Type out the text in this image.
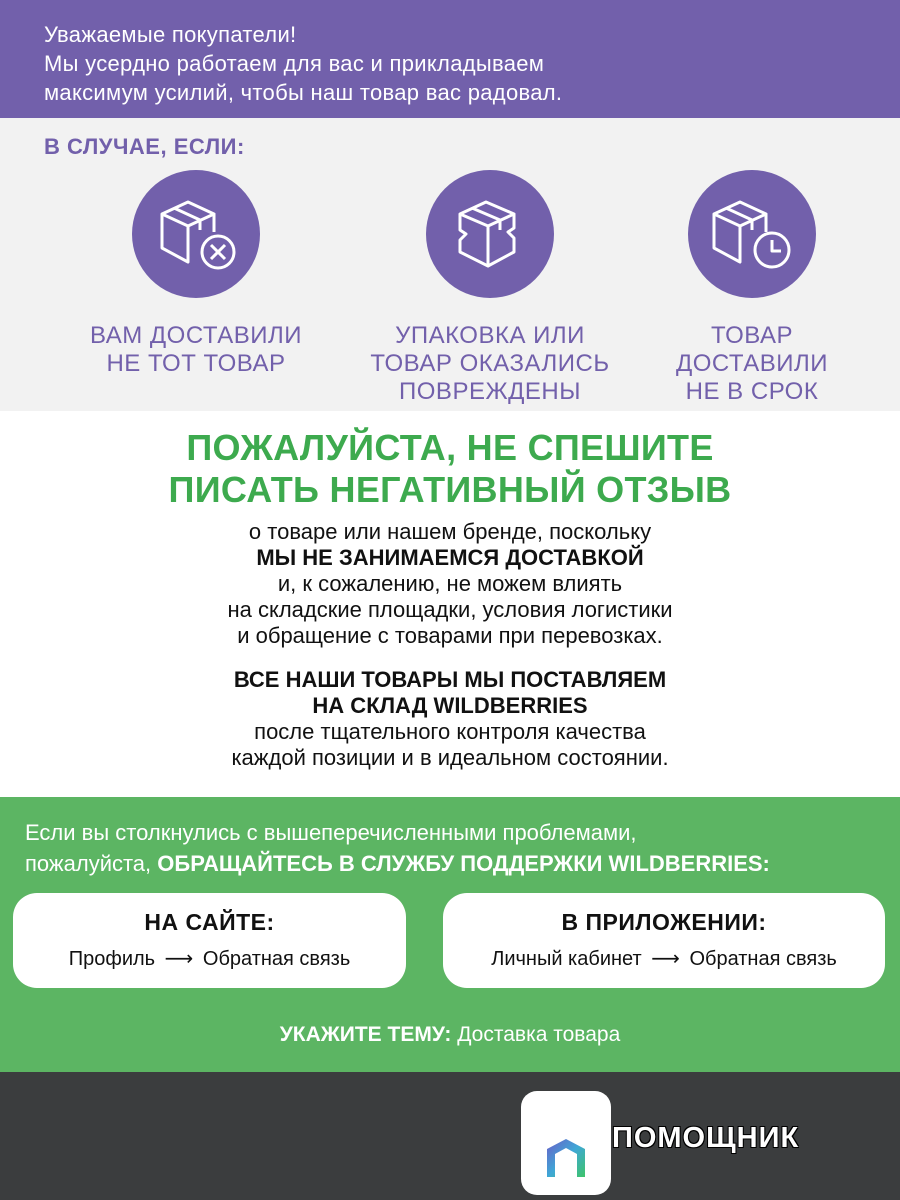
Уважаемые покупатели!
Мы усердно работаем для вас и прикладываем
максимум усилий, чтобы наш товар вас радовал.
В СЛУЧАЕ, ЕСЛИ:
ВАМ ДОСТАВИЛИ
НЕ ТОТ ТОВАР
УПАКОВКА ИЛИ
ТОВАР ОКАЗАЛИСЬ
ПОВРЕЖДЕНЫ
ТОВАР
ДОСТАВИЛИ
НЕ В СРОК
ПОЖАЛУЙСТА, НЕ СПЕШИТЕ
ПИСАТЬ НЕГАТИВНЫЙ ОТЗЫВ
о товаре или нашем бренде, поскольку
МЫ НЕ ЗАНИМАЕМСЯ ДОСТАВКОЙ
и, к сожалению, не можем влиять
на складские площадки, условия логистики
и обращение с товарами при перевозках.
ВСЕ НАШИ ТОВАРЫ МЫ ПОСТАВЛЯЕМ
НА СКЛАД WILDBERRIES
после тщательного контроля качества
каждой позиции и в идеальном состоянии.
Если вы столкнулись с вышеперечисленными проблемами,
пожалуйста, ОБРАЩАЙТЕСЬ В СЛУЖБУ ПОДДЕРЖКИ WILDBERRIES:
НА САЙТЕ:
Профиль ⟶ Обратная связь
В ПРИЛОЖЕНИИ:
Личный кабинет ⟶ Обратная связь
УКАЖИТЕ ТЕМУ: Доставка товара
ПОМОЩНИК
